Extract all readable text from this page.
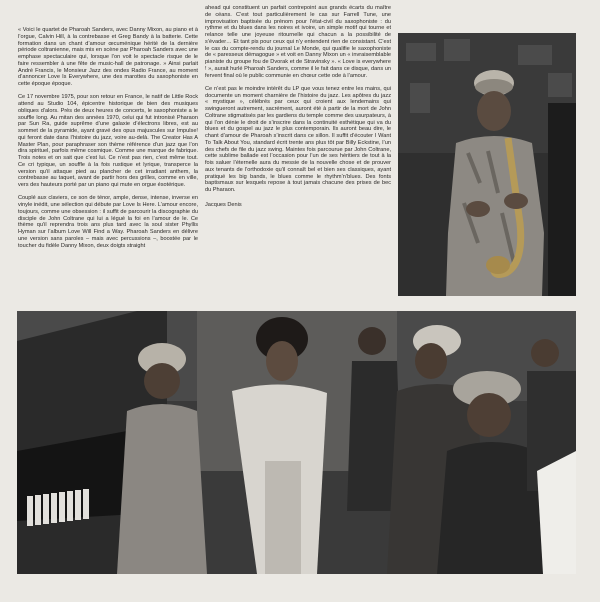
« Voici le quartet de Pharoah Sanders, avec Danny Mixon, au piano et à l’orgue, Calvin Hill, à la contrebasse et Greg Bandy à la batterie. Cette formation dans un chant d’amour œcuménique hérité de la dernière période coltranienne, mais mis en scène par Pharoah Sanders avec une emphase spectaculaire qui, lorsque l’on voit le spectacle risque de le faire ressembler à une fête de music-hall de patronage. » Ainsi parlait André Francis, le Monsieur Jazz des ondes Radio France, au moment d’annoncer Love Is Everywhere, une des marottes du saxophoniste en cette époque époque.

Ce 17 novembre 1975, pour son retour en France, le natif de Little Rock attend au Studio 104, épicentre historique de bien des musiques obliques d’alors. Près de deux heures de concerts, le saxophoniste a le souffle long. Au mitan des années 1970, celui qui fut intronisé Pharaon par Sun Ra, guide suprême d’une galaxie d’électrons libres, est au sommet de la pyramide, ayant gravé des opus majuscules sur Impulse! qui feront date dans l’histoire du jazz, voire au-delà. The Creator Has A Master Plan, pour paraphraser son thème référence d’un jazz que l’on dira spirituel, parfois même cosmique. Comme une marque de fabrique. Trois notes et on sait que c’est lui. Ce n’est pas rien, c’est même tout. Ce cri typique, un souffle à la fois rustique et lyrique, transperce la version qu’il attaque pied au plancher de cet irradiant anthem, la contrebasse au taquet, avant de partir hors des grilles, comme en ville, vers des hauteurs porté par un piano qui mute en orgue ésotérique.

Couplé aux claviers, ce son de ténor, ample, dense, intense, inverse en vinyle inédit, une sélection qui débute par Love Is Here. L’amour encore, toujours, comme une obsession : il suffit de parcourir la discographie du disciple de John Coltrane qui lui a légué la foi en l’amour de le. Ce thème qu’il reprendra trois ans plus tard avec la soul sister Phyllis Hyman sur l’album Love Will Find a Way. Pharoah Sanders en délivre une version sans paroles – mais avec percussions –, boostée par le toucher du fidèle Danny Mixon, deux doigts straight

ahead qui constituent un parfait contrepoint aux grands écarts du maître de céans. C’est tout particulièrement le cas sur Farrell Tune, une improvisation baptisée du prénom pour l’état-civil du saxophoniste : du rythme et du blues dans les noires et ivoire, un simple motif qui tourne et relance telle une joyeuse ritournelle qui chacun a la possibilité de s’évader… Et tant pis pour ceux qui n’y entendent rien de consistant. C’est le cas du compte-rendu du journal Le Monde, qui qualifie le saxophoniste de « paresseux démagogue » et voit en Danny Mixon un « invraisemblable pianiste du groupe fou de Dvorak et de Stravinsky ». « Love is everywhere ! », aurait hurlé Pharoah Sanders, comme il le fait dans ce disque, dans un fervent final où le public communie en chœur cette ode à l’amour.

Ce n’est pas le moindre intérêt du LP que vous tenez entre les mains, qui documente un moment charnière de l’histoire du jazz. Les apôtres du jazz « mystique », célébrés par ceux qui croient aux lendemains qui swingueront autrement, sacrément, auront été à partir de la mort de John Coltrane stigmatisés par les gardiens du temple comme des usurpateurs, à qui l’on dénie le droit de s’inscrire dans la continuité esthétique qui va du blues et du gospel au jazz le plus contemporain. Ils auront beau dire, le chant d’amour de Pharoah s’inscrit dans ce sillon. Il suffit d’écouter I Want To Talk About You, standard écrit trente ans plus tôt par Billy Eckstine, l’un des chefs de file du jazz swing. Maintes fois parcourue par John Coltrane, cette sublime ballade est l’occasion pour l’un de ses héritiers de tout à la fois saluer l’éternelle aura du messie de la nouvelle chose et de prouver aux tenants de l’orthodoxie qu’il connaît bel et bien ses classiques, ayant pratiqué les big bands, le blues comme le rhythm’n’blues. Des fonts baptismaux sur lesquels repose à tout jamais chacune des prises de bec du Pharaon.

Jacques Denis
